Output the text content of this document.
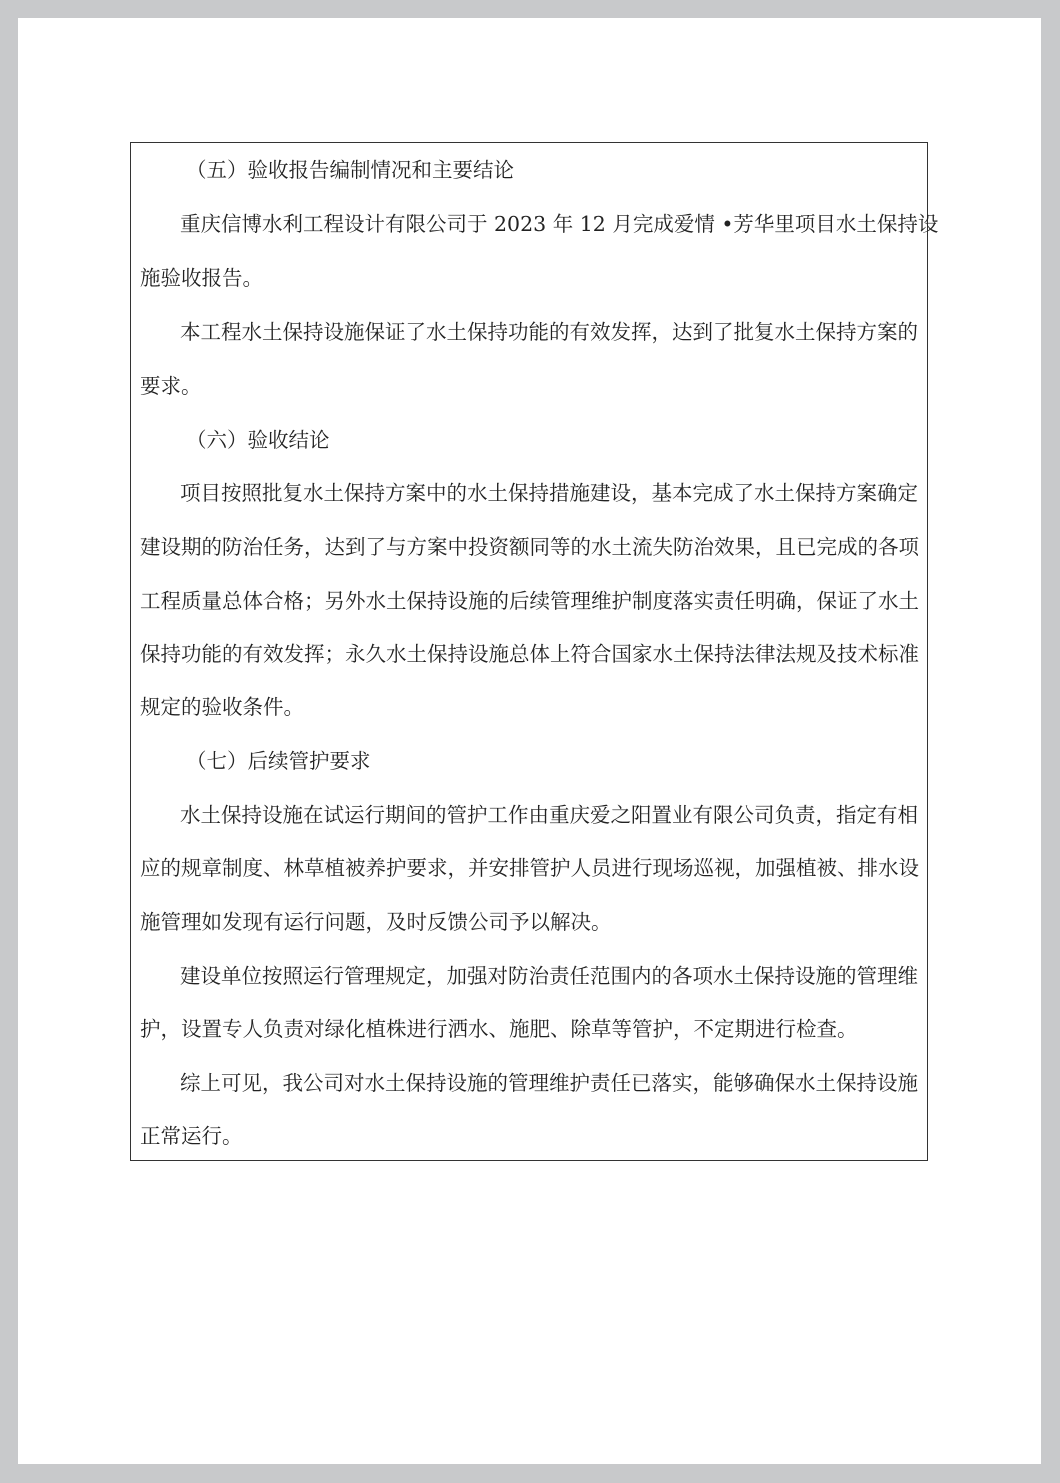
（五）验收报告编制情况和主要结论
重庆信博水利工程设计有限公司于 2023 年 12 月完成爱情 •芳华里项目水土保持设
施验收报告。
本工程水土保持设施保证了水土保持功能的有效发挥，达到了批复水土保持方案的
要求。
（六）验收结论
项目按照批复水土保持方案中的水土保持措施建设，基本完成了水土保持方案确定
建设期的防治任务，达到了与方案中投资额同等的水土流失防治效果，且已完成的各项
工程质量总体合格；另外水土保持设施的后续管理维护制度落实责任明确，保证了水土
保持功能的有效发挥；永久水土保持设施总体上符合国家水土保持法律法规及技术标准
规定的验收条件。
（七）后续管护要求
水土保持设施在试运行期间的管护工作由重庆爱之阳置业有限公司负责，指定有相
应的规章制度、林草植被养护要求，并安排管护人员进行现场巡视，加强植被、排水设
施管理如发现有运行问题，及时反馈公司予以解决。
建设单位按照运行管理规定，加强对防治责任范围内的各项水土保持设施的管理维
护，设置专人负责对绿化植株进行洒水、施肥、除草等管护，不定期进行检查。
综上可见，我公司对水土保持设施的管理维护责任已落实，能够确保水土保持设施
正常运行。
